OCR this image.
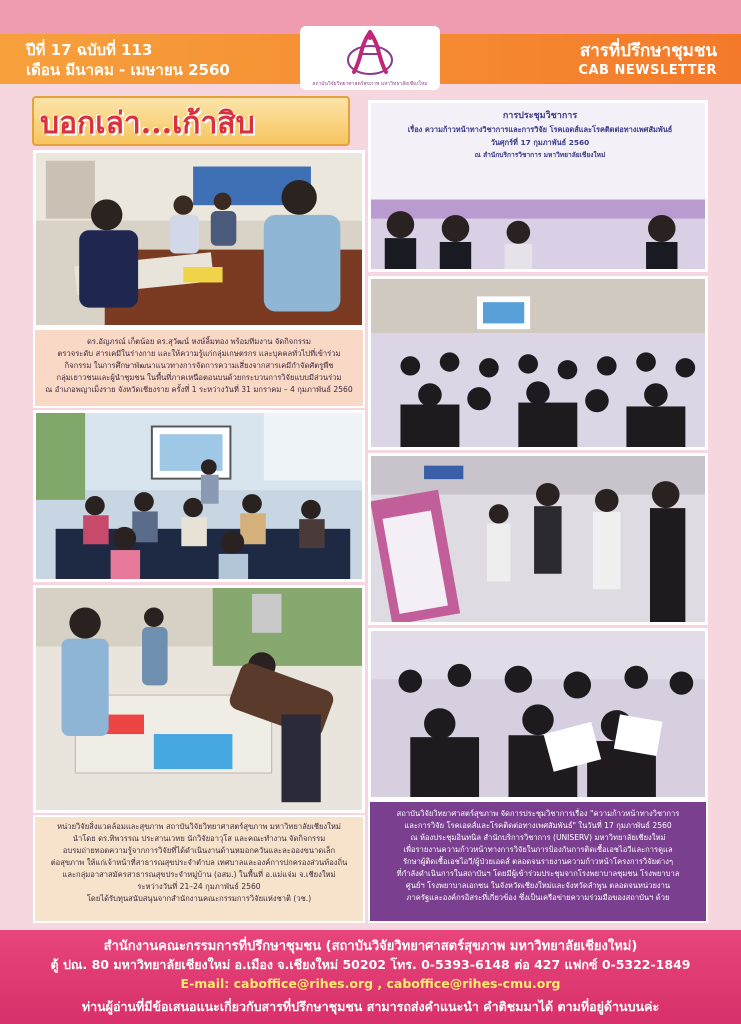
ปีที่ 17 ฉบับที่ 113
เดือน มีนาคม - เมษายน 2560
สถาบันวิจัยวิทยาศาสตร์สุขภาพ มหาวิทยาลัยเชียงใหม่
สารที่ปรึกษาชุมชน
CAB NEWSLETTER
บอกเล่า...เก้าสิบ
ดร.อัญภรณ์ เก็ตน้อย ดร.สุวัฒน์ หงษ์ลิ้มทอง พร้อมทีมงาน จัดกิจกรรม
ตรวจระดับ สารเคมีในร่างกาย และให้ความรู้แก่กลุ่มเกษตรกร และบุคคลทั่วไปที่เข้าร่วม
กิจกรรม ในการศึกษาพัฒนาแนวทางการจัดการความเสี่ยงจากสารเคมีกำจัดศัตรูพืช
กลุ่มเยาวชนและผู้นำชุมชน ในพื้นที่ภาคเหนือตอนบนด้วยกระบวนการวิจัยแบบมีส่วนร่วม
ณ อำเภอพญาเม็งราย จังหวัดเชียงราย ครั้งที่ 1 ระหว่างวันที่ 31 มกราคม – 4 กุมภาพันธ์ 2560
หน่วยวิจัยสิ่งแวดล้อมและสุขภาพ สถาบันวิจัยวิทยาศาสตร์สุขภาพ มหาวิทยาลัยเชียงใหม่
นำโดย ดร.ทิพวรรณ ประสานเวทย นักวิจัยอาวุโส และคณะทำงาน จัดกิจกรรม
อบรมถ่ายทอดความรู้จากการวิจัยที่ได้ดำเนินงานด้านหมอกควันและละอองขนาดเล็ก
ต่อสุขภาพ ให้แก่เจ้าหน้าที่สาธารณสุขประจำตำบล เทศบาลและองค์การปกครองส่วนท้องถิ่น
และกลุ่มอาสาสมัครสาธารณสุขประจำหมู่บ้าน (อสม.) ในพื้นที่ อ.แม่แจ่ม จ.เชียงใหม่
ระหว่างวันที่ 21–24 กุมภาพันธ์ 2560
โดยได้รับทุนสนับสนุนจากสำนักงานคณะกรรมการวิจัยแห่งชาติ (วช.)
การประชุมวิชาการ
เรื่อง ความก้าวหน้าทางวิชาการและการวิจัย โรคเอดส์และโรคติดต่อทางเพศสัมพันธ์
วันศุกร์ที่ 17 กุมภาพันธ์ 2560
ณ สำนักบริการวิชาการ มหาวิทยาลัยเชียงใหม่
สถาบันวิจัยวิทยาศาสตร์สุขภาพ จัดการประชุมวิชาการเรื่อง "ความก้าวหน้าทางวิชาการ
และการวิจัย โรคเอดส์และโรคติดต่อทางเพศสัมพันธ์" ในวันที่ 17 กุมภาพันธ์ 2560
ณ ห้องประชุมอินทนิล สำนักบริการวิชาการ (UNISERV) มหาวิทยาลัยเชียงใหม่
เพื่อรายงานความก้าวหน้าทางการวิจัยในการป้องกันการติดเชื้อเอชไอวีและการดูแล
รักษาผู้ติดเชื้อเอชไอวี/ผู้ป่วยเอดส์ ตลอดจนรายงานความก้าวหน้าโครงการวิจัยต่างๆ
ที่กำลังดำเนินการในสถาบันฯ โดยมีผู้เข้าร่วมประชุมจากโรงพยาบาลชุมชน โรงพยาบาล
ศูนย์ฯ โรงพยาบาลเอกชน ในจังหวัดเชียงใหม่และจังหวัดลำพูน ตลอดจนหน่วยงาน
ภาครัฐและองค์กรอิสระที่เกี่ยวข้อง ซึ่งเป็นเครือข่ายความร่วมมือของสถาบันฯ ด้วย
สำนักงานคณะกรรมการที่ปรึกษาชุมชน (สถาบันวิจัยวิทยาศาสตร์สุขภาพ มหาวิทยาลัยเชียงใหม่)
ตู้ ปณ. 80 มหาวิทยาลัยเชียงใหม่ อ.เมือง จ.เชียงใหม่ 50202 โทร. 0-5393-6148 ต่อ 427 แฟกซ์ 0-5322-1849
E-mail: caboffice@rihes.org , caboffice@rihes-cmu.org
ท่านผู้อ่านที่มีข้อเสนอแนะเกี่ยวกับสารที่ปรึกษาชุมชน สามารถส่งคำแนะนำ คำติชมมาได้ ตามที่อยู่ด้านบนค่ะ
